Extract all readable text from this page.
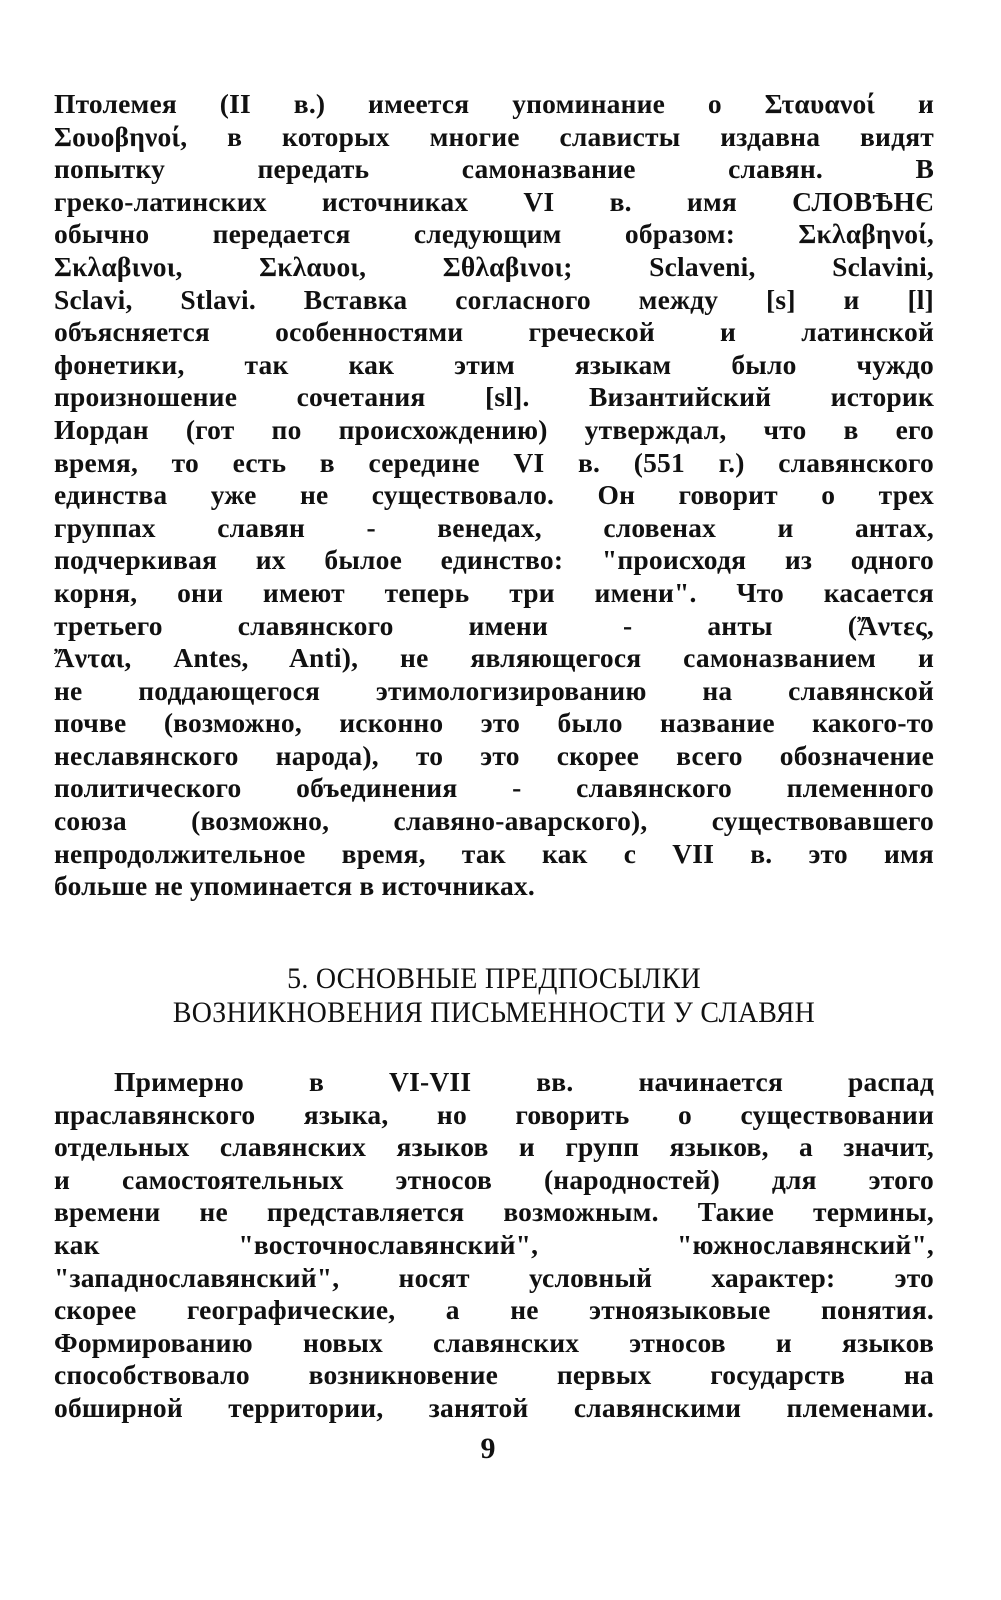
Птолемея (II в.) имеется упоминание о Σταυανοί и
Σουοβηνοί, в которых многие слависты издавна видят
попытку передать самоназвание славян. В
греко-латинских источниках VI в. имя СЛОВѢНЄ
обычно передается следующим образом: Σκλαβηνοί,
Σκλαβινοι, Σκλαυοι, Σθλαβινοι; Sclaveni, Sclavini,
Sclavi, Stlavi. Вставка согласного между [s] и [l]
объясняется особенностями греческой и латинской
фонетики, так как этим языкам было чуждо
произношение сочетания [sl]. Византийский историк
Иордан (гот по происхождению) утверждал, что в его
время, то есть в середине VI в. (551 г.) славянского
единства уже не существовало. Он говорит о трех
группах славян - венедах, словенах и антах,
подчеркивая их былое единство: "происходя из одного
корня, они имеют теперь три имени". Что касается
третьего славянского имени - анты (Ἄντες,
Ἄνται, Antes, Anti), не являющегося самоназванием и
не поддающегося этимологизированию на славянской
почве (возможно, исконно это было название какого-то
неславянского народа), то это скорее всего обозначение
политического объединения - славянского племенного
союза (возможно, славяно-аварского), существовавшего
непродолжительное время, так как с VII в. это имя
больше не упоминается в источниках.
5. ОСНОВНЫЕ ПРЕДПОСЫЛКИ
ВОЗНИКНОВЕНИЯ ПИСЬМЕННОСТИ У СЛАВЯН
Примерно в VI-VII вв. начинается распад
праславянского языка, но говорить о существовании
отдельных славянских языков и групп языков, а значит,
и самостоятельных этносов (народностей) для этого
времени не представляется возможным. Такие термины,
как "восточнославянский", "южнославянский",
"западнославянский", носят условный характер: это
скорее географические, а не этноязыковые понятия.
Формированию новых славянских этносов и языков
способствовало возникновение первых государств на
обширной территории, занятой славянскими племенами.
9
